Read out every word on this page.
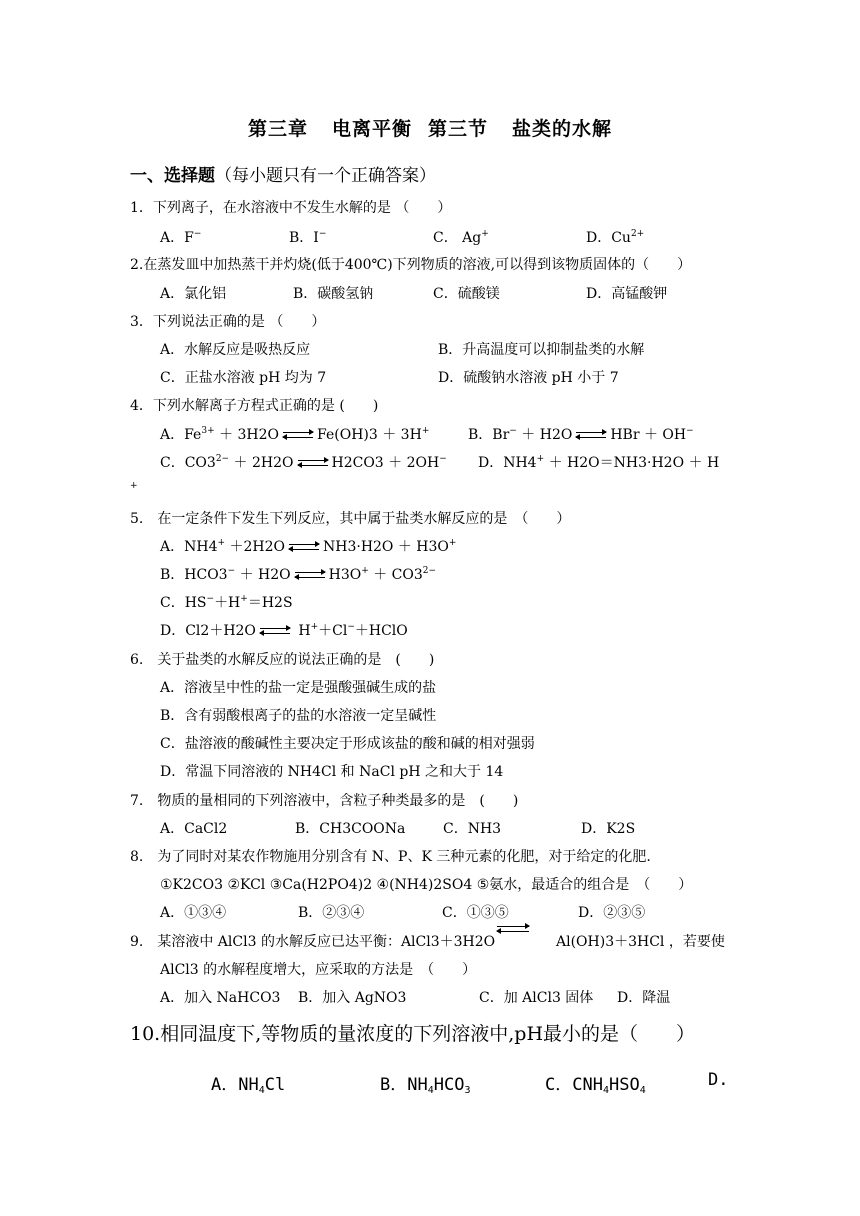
第三章 电离平衡 第三节 盐类的水解
一、选择题（每小题只有一个正确答案）
1．下列离子，在水溶液中不发生水解的是 （　　）
A．F−	B．I−	C． Ag+	D．$Cu^{2+}$
2.在蒸发皿中加热蒸干并灼烧(低于400℃)下列物质的溶液,可以得到该物质固体的（　　）
A．氯化铝	B．碳酸氢钠	C．硫酸镁	D．高锰酸钾
3．下列说法正确的是 （　　）
A．水解反应是吸热反应	B．升高温度可以抑制盐类的水解
C．正盐水溶液 pH 均为 7	D．硫酸钠水溶液 pH 小于 7
4．下列水解离子方程式正确的是 (　　)
A．$Fe^{3+} + 3H2O$	Fe(OH)3 ＋ 3H+	B．Br− ＋ H2O	HBr ＋ OH−
C．$CO3^{2-} + 2H2O$	H2CO3 ＋ 2OH− D．NH4+ ＋ H2O＝NH3·H2O ＋ H
+
5.　在一定条件下发生下列反应，其中属于盐类水解反应的是　（　　）
A．NH4+ ＋2H2O	NH3·H2O ＋ H3O+
B．HCO3− ＋ H2O	$H3O^+ + CO3^{2-}$
C．HS−＋H+＝H2S
D．Cl2＋H2O	H+＋Cl−＋HClO
6.　关于盐类的水解反应的说法正确的是　(　　)
A．溶液呈中性的盐一定是强酸强碱生成的盐
B．含有弱酸根离子的盐的水溶液一定呈碱性
C．盐溶液的酸碱性主要决定于形成该盐的酸和碱的相对强弱
D．常温下同溶液的 NH4Cl 和 NaCl pH 之和大于 14
7.　物质的量相同的下列溶液中，含粒子种类最多的是　(　　)
A．CaCl2	B．CH3COONa	C．NH3	D．K2S
8.　为了同时对某农作物施用分别含有 N、P、K 三种元素的化肥，对于给定的化肥.
①K2CO3 ②KCl ③Ca(H2PO4)2 ④(NH4)2SO4 ⑤氨水，最适合的组合是　（　　）
A．①③④	B．②③④	C．①③⑤	D．②③⑤
9.　某溶液中 AlCl3 的水解反应已达平衡：AlCl3＋3H2O	Al(OH)3＋3HCl ，若要使
AlCl3 的水解程度增大，应采取的方法是　（　　）
A．加入 NaHCO3 B．加入 AgNO3	C．加 AlCl3 固体 D．降温
10.相同温度下,等物质的量浓度的下列溶液中,pH最小的是（　　）
A．$NH_4Cl$	B．$NH_4HCO_3$	C．$CNH_4HSO_4$
D.
